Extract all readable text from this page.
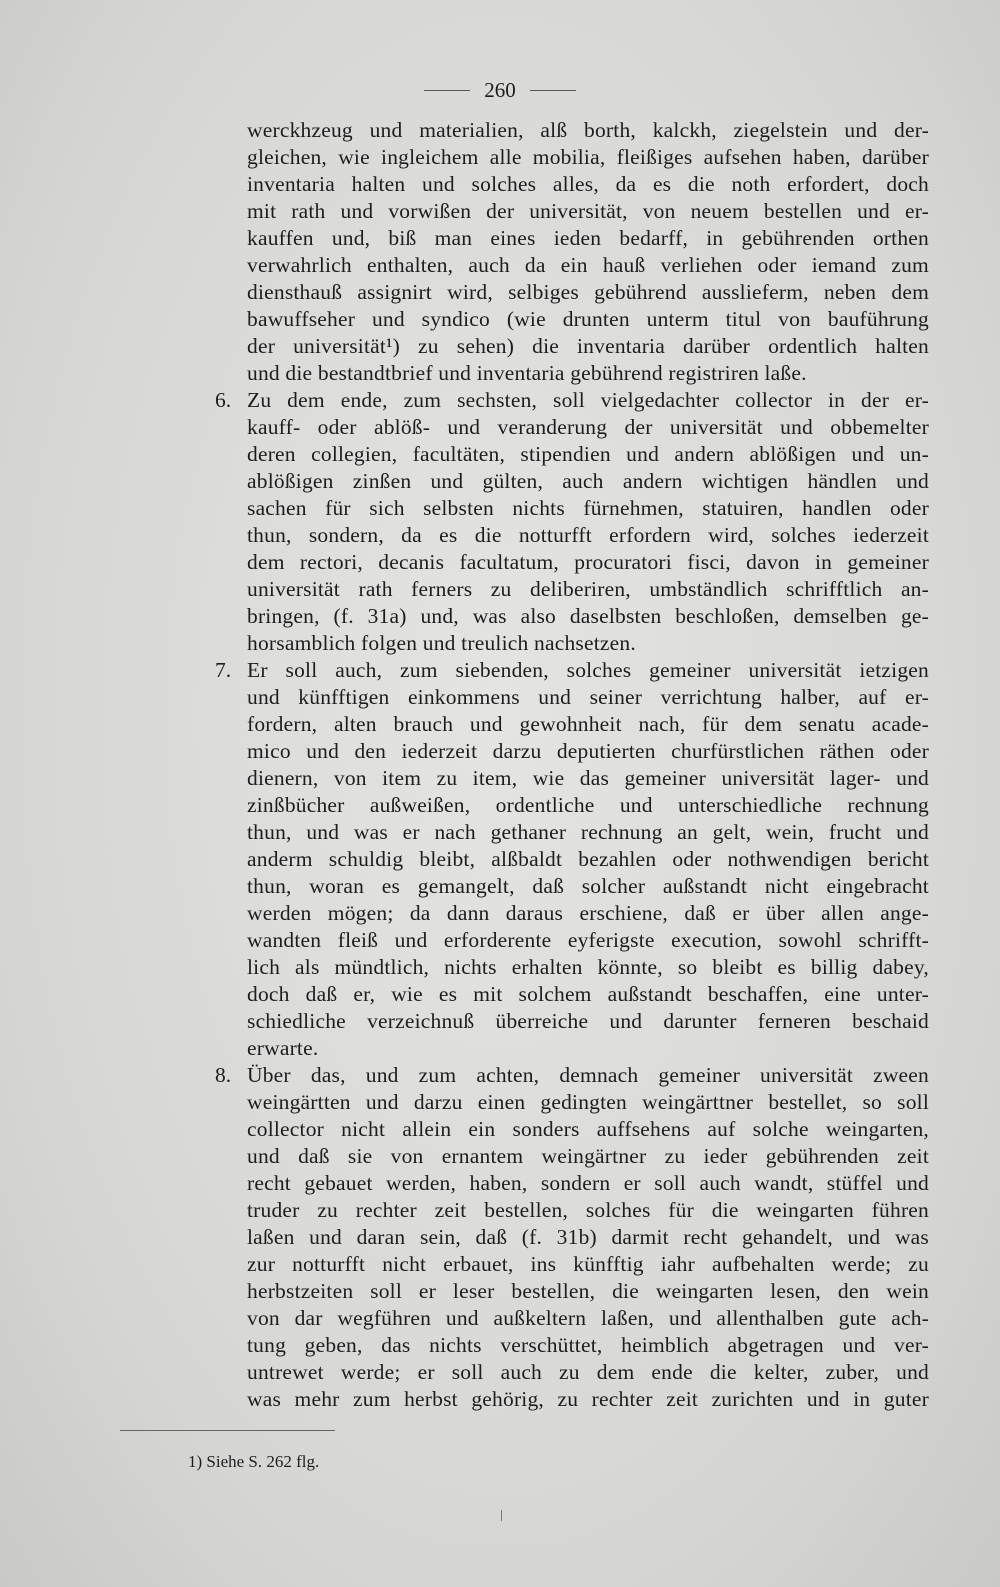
260
werckhzeug und materialien, alß borth, kalckh, ziegelstein und der-
gleichen, wie ingleichem alle mobilia, fleißiges aufsehen haben, darüber
inventaria halten und solches alles, da es die noth erfordert, doch
mit rath und vorwißen der universität, von neuem bestellen und er-
kauffen und, biß man eines ieden bedarff, in gebührenden orthen
verwahrlich enthalten, auch da ein hauß verliehen oder iemand zum
diensthauß assignirt wird, selbiges gebührend ausslieferm, neben dem
bawuffseher und syndico (wie drunten unterm titul von bauführung
der universität¹) zu sehen) die inventaria darüber ordentlich halten
und die bestandtbrief und inventaria gebührend registriren laße.
6. Zu dem ende, zum sechsten, soll vielgedachter collector in der er-
kauff- oder ablöß- und veranderung der universität und obbemelter
deren collegien, facultäten, stipendien und andern ablößigen und un-
ablößigen zinßen und gülten, auch andern wichtigen händlen und
sachen für sich selbsten nichts fürnehmen, statuiren, handlen oder
thun, sondern, da es die notturfft erfordern wird, solches iederzeit
dem rectori, decanis facultatum, procuratori fisci, davon in gemeiner
universität rath ferners zu deliberiren, umbständlich schrifftlich an-
bringen, (f. 31a) und, was also daselbsten beschloßen, demselben ge-
horsamblich folgen und treulich nachsetzen.
7. Er soll auch, zum siebenden, solches gemeiner universität ietzigen
und künfftigen einkommens und seiner verrichtung halber, auf er-
fordern, alten brauch und gewohnheit nach, für dem senatu acade-
mico und den iederzeit darzu deputierten churfürstlichen räthen oder
dienern, von item zu item, wie das gemeiner universität lager- und
zinßbücher außweißen, ordentliche und unterschiedliche rechnung
thun, und was er nach gethaner rechnung an gelt, wein, frucht und
anderm schuldig bleibt, alßbaldt bezahlen oder nothwendigen bericht
thun, woran es gemangelt, daß solcher außstandt nicht eingebracht
werden mögen; da dann daraus erschiene, daß er über allen ange-
wandten fleiß und erforderente eyferigste execution, sowohl schrifft-
lich als mündtlich, nichts erhalten könnte, so bleibt es billig dabey,
doch daß er, wie es mit solchem außstandt beschaffen, eine unter-
schiedliche verzeichnuß überreiche und darunter ferneren beschaid
erwarte.
8. Über das, und zum achten, demnach gemeiner universität zween
weingärtten und darzu einen gedingten weingärttner bestellet, so soll
collector nicht allein ein sonders auffsehens auf solche weingarten,
und daß sie von ernantem weingärtner zu ieder gebührenden zeit
recht gebauet werden, haben, sondern er soll auch wandt, stüffel und
truder zu rechter zeit bestellen, solches für die weingarten führen
laßen und daran sein, daß (f. 31b) darmit recht gehandelt, und was
zur notturfft nicht erbauet, ins künfftig iahr aufbehalten werde; zu
herbstzeiten soll er leser bestellen, die weingarten lesen, den wein
von dar wegführen und außkeltern laßen, und allenthalben gute ach-
tung geben, das nichts verschüttet, heimblich abgetragen und ver-
untrewet werde; er soll auch zu dem ende die kelter, zuber, und
was mehr zum herbst gehörig, zu rechter zeit zurichten und in guter
1) Siehe S. 262 flg.
